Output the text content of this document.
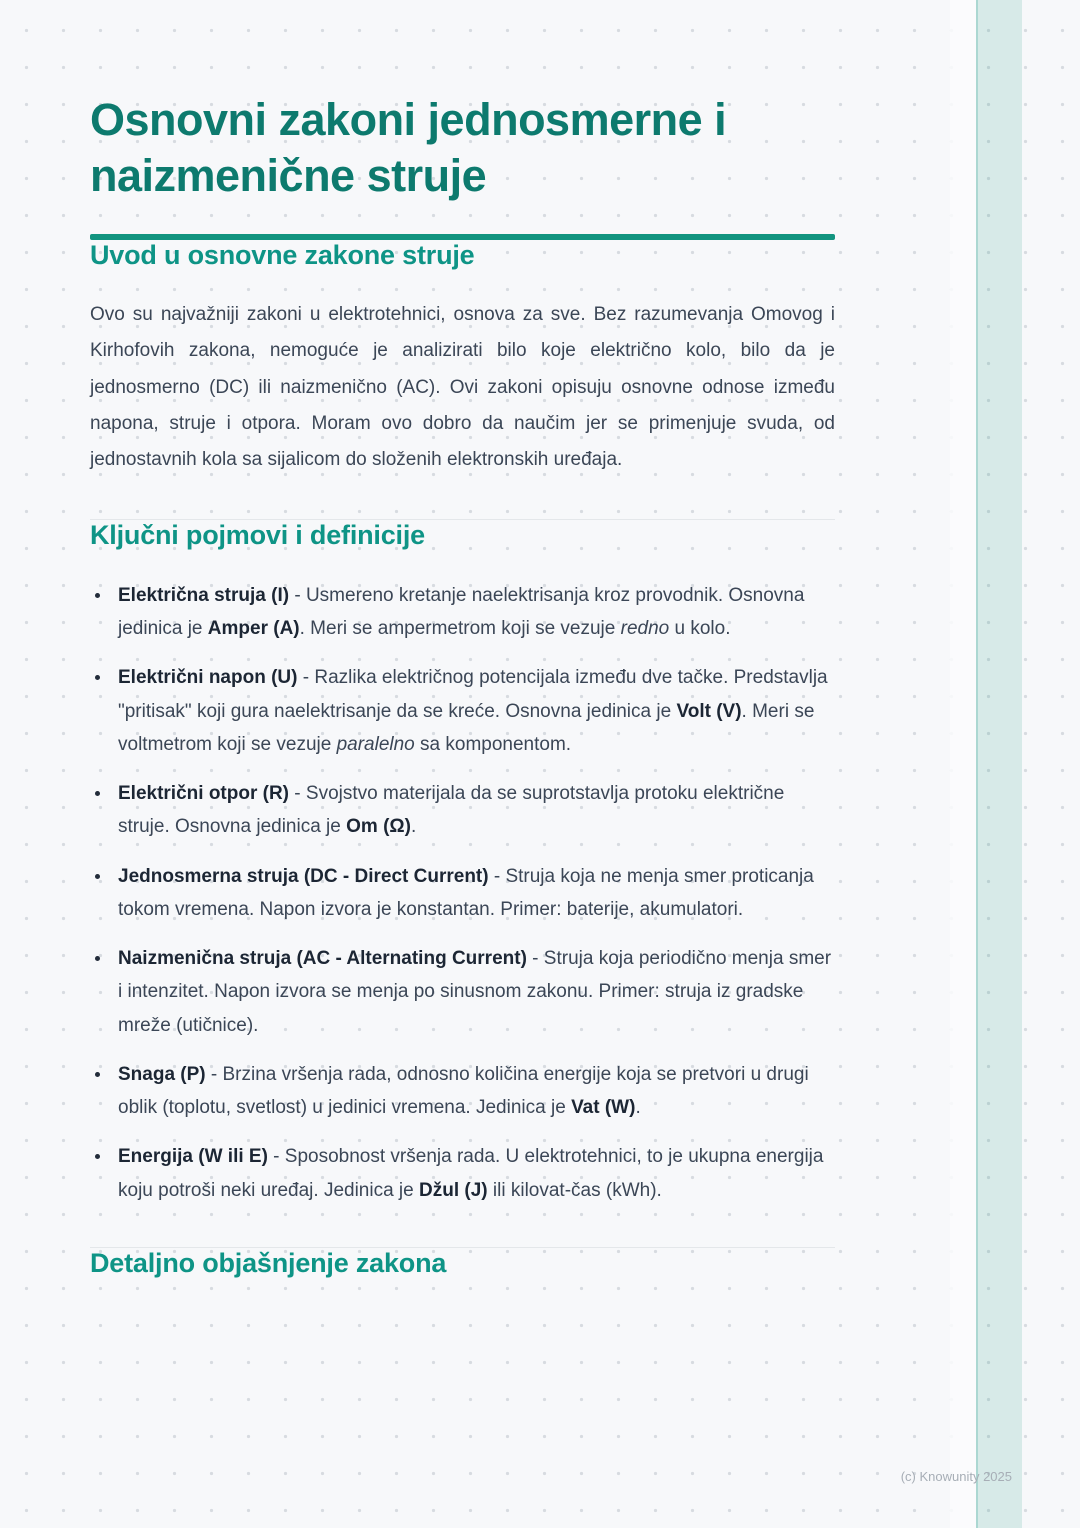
Osnovni zakoni jednosmerne i naizmenične struje
Uvod u osnovne zakone struje

Ovo su najvažniji zakoni u elektrotehnici, osnova za sve. Bez razumevanja Omovog i Kirhofovih zakona, nemoguće je analizirati bilo koje električno kolo, bilo da je jednosmerno (DC) ili naizmenično (AC). Ovi zakoni opisuju osnovne odnose između napona, struje i otpora. Moram ovo dobro da naučim jer se primenjuje svuda, od jednostavnih kola sa sijalicom do složenih elektronskih uređaja.

Ključni pojmovi i definicije
• Električna struja (I) - Usmereno kretanje naelektrisanja kroz provodnik. Osnovna jedinica je Amper (A). Meri se ampermetrom koji se vezuje redno u kolo.
• Električni napon (U) - Razlika električnog potencijala između dve tačke. Predstavlja "pritisak" koji gura naelektrisanje da se kreće. Osnovna jedinica je Volt (V). Meri se voltmetrom koji se vezuje paralelno sa komponentom.
• Električni otpor (R) - Svojstvo materijala da se suprotstavlja protoku električne struje. Osnovna jedinica je Om (Ω).
• Jednosmerna struja (DC - Direct Current) - Struja koja ne menja smer proticanja tokom vremena. Napon izvora je konstantan. Primer: baterije, akumulatori.
• Naizmenična struja (AC - Alternating Current) - Struja koja periodično menja smer i intenzitet. Napon izvora se menja po sinusnom zakonu. Primer: struja iz gradske mreže (utičnice).
• Snaga (P) - Brzina vršenja rada, odnosno količina energije koja se pretvori u drugi oblik (toplotu, svetlost) u jedinici vremena. Jedinica je Vat (W).
• Energija (W ili E) - Sposobnost vršenja rada. U elektrotehnici, to je ukupna energija koju potroši neki uređaj. Jedinica je Džul (J) ili kilovat-čas (kWh).
Detaljno objašnjenje zakona
(c) Knowunity 2025
